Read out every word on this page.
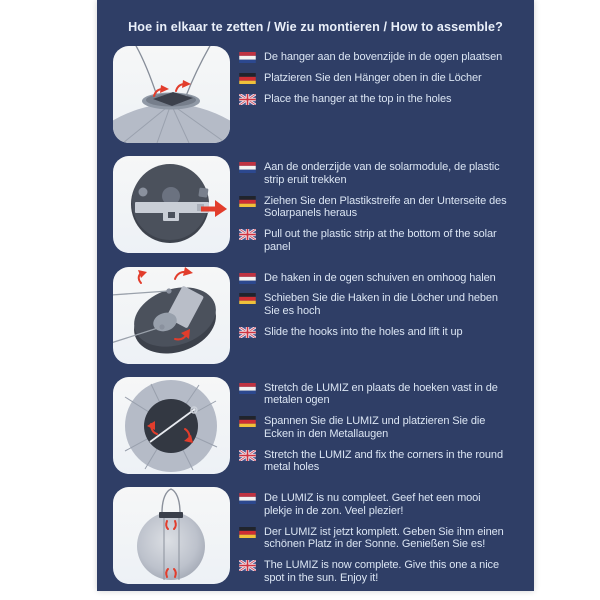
Hoe in elkaar te zetten / Wie zu montieren / How to assemble?

De hanger aan de bovenzijde in de ogen plaatsen

Platzieren Sie den Hänger oben in die Löcher

Place the hanger at the top in the holes

Aan de onderzijde van de solarmodule, de plastic strip eruit trekken

Ziehen Sie den Plastikstreife an der Unterseite des Solarpanels heraus

Pull out the plastic strip at the bottom of the solar panel

De haken in de ogen schuiven en omhoog halen

Schieben Sie die Haken in die Löcher und heben Sie es hoch

Slide the hooks into the holes and lift it up

Stretch de LUMIZ en plaats de hoeken vast in de metalen ogen

Spannen Sie die LUMIZ und platzieren Sie die Ecken in den Metallaugen

Stretch the LUMIZ and fix the corners in the round metal holes

De LUMIZ is nu compleet. Geef het een mooi plekje in de zon. Veel plezier!

Der LUMIZ ist jetzt komplett. Geben Sie ihm einen schönen Platz in der Sonne. Genießen Sie es!

The LUMIZ is now complete. Give this one a nice spot in the sun. Enjoy it!
